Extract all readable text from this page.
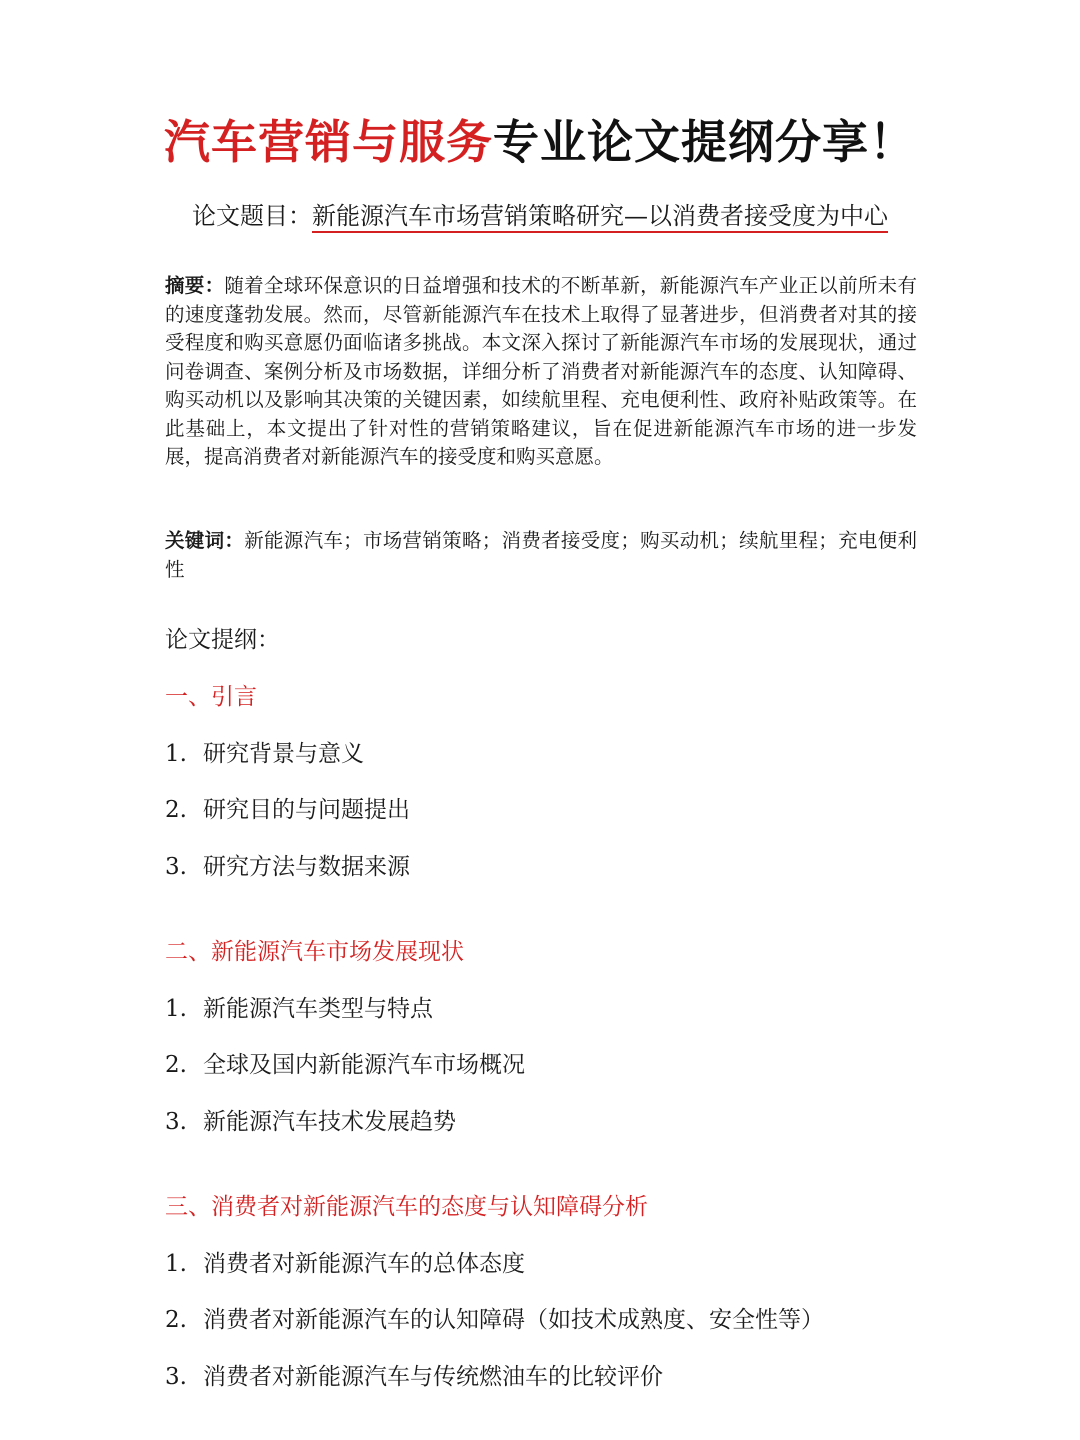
汽车营销与服务专业论文提纲分享！
论文题目：新能源汽车市场营销策略研究—以消费者接受度为中心
摘要：随着全球环保意识的日益增强和技术的不断革新，新能源汽车产业正以前所未有的速度蓬勃发展。然而，尽管新能源汽车在技术上取得了显著进步，但消费者对其的接受程度和购买意愿仍面临诸多挑战。本文深入探讨了新能源汽车市场的发展现状，通过问卷调查、案例分析及市场数据，详细分析了消费者对新能源汽车的态度、认知障碍、购买动机以及影响其决策的关键因素，如续航里程、充电便利性、政府补贴政策等。在此基础上，本文提出了针对性的营销策略建议，旨在促进新能源汽车市场的进一步发展，提高消费者对新能源汽车的接受度和购买意愿。
关键词：新能源汽车；市场营销策略；消费者接受度；购买动机；续航里程；充电便利性
论文提纲：
一、引言
1. 研究背景与意义
2. 研究目的与问题提出
3. 研究方法与数据来源
二、新能源汽车市场发展现状
1. 新能源汽车类型与特点
2. 全球及国内新能源汽车市场概况
3. 新能源汽车技术发展趋势
三、消费者对新能源汽车的态度与认知障碍分析
1. 消费者对新能源汽车的总体态度
2. 消费者对新能源汽车的认知障碍（如技术成熟度、安全性等）
3. 消费者对新能源汽车与传统燃油车的比较评价
